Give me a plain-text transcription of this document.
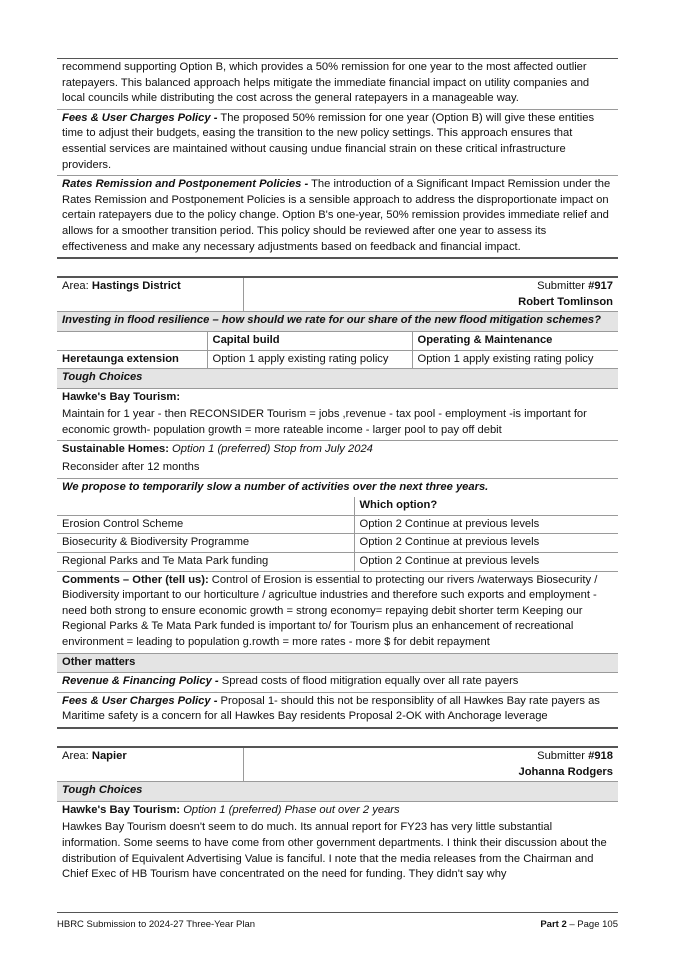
recommend supporting Option B, which provides a 50% remission for one year to the most affected outlier ratepayers. This balanced approach helps mitigate the immediate financial impact on utility companies and local councils while distributing the cost across the general ratepayers in a manageable way.
Fees & User Charges Policy - The proposed 50% remission for one year (Option B) will give these entities time to adjust their budgets, easing the transition to the new policy settings. This approach ensures that essential services are maintained without causing undue financial strain on these critical infrastructure providers.
Rates Remission and Postponement Policies - The introduction of a Significant Impact Remission under the Rates Remission and Postponement Policies is a sensible approach to address the disproportionate impact on certain ratepayers due to the policy change. Option B's one-year, 50% remission provides immediate relief and allows for a smoother transition period. This policy should be reviewed after one year to assess its effectiveness and make any necessary adjustments based on feedback and financial impact.
Area: Hastings District	Submitter #917
Robert Tomlinson
Investing in flood resilience – how should we rate for our share of the new flood mitigation schemes?
	Capital build	Operating & Maintenance
Heretaunga extension	Option 1 apply existing rating policy	Option 1 apply existing rating policy
Tough Choices
Hawke's Bay Tourism:
Maintain for 1 year - then RECONSIDER Tourism = jobs ,revenue - tax pool - employment -is important for economic growth- population growth = more rateable income - larger pool to pay off debit
Sustainable Homes: Option 1 (preferred) Stop from July 2024
Reconsider after 12 months
We propose to temporarily slow a number of activities over the next three years.
	Which option?
Erosion Control Scheme	Option 2 Continue at previous levels
Biosecurity & Biodiversity Programme	Option 2 Continue at previous levels
Regional Parks and Te Mata Park funding	Option 2 Continue at previous levels
Comments – Other (tell us): Control of Erosion is essential to protecting our rivers /waterways Biosecurity / Biodiversity important to our horticulture / agricultue industries and therefore such exports and employment - need both strong to ensure economic growth = strong economy= repaying debit shorter term Keeping our Regional Parks & Te Mata Park funded is important to/ for Tourism plus an enhancement of recreational environment = leading to population g.rowth = more rates - more $ for debit repayment
Other matters
Revenue & Financing Policy - Spread costs of flood mitigration equally over all rate payers
Fees & User Charges Policy - Proposal 1- should this not be responsiblity of all Hawkes Bay rate payers as Maritime safety is a concern for all Hawkes Bay residents Proposal 2-OK with Anchorage leverage
Area: Napier	Submitter #918
Johanna Rodgers
Tough Choices
Hawke's Bay Tourism: Option 1 (preferred) Phase out over 2 years
Hawkes Bay Tourism doesn't seem to do much. Its annual report for FY23 has very little substantial information. Some seems to have come from other government departments. I think their discussion about the distribution of Equivalent Advertising Value is fanciful. I note that the media releases from the Chairman and Chief Exec of HB Tourism have concentrated on the need for funding. They didn't say why
HBRC Submission to 2024-27 Three-Year Plan	Part 2 – Page 105
